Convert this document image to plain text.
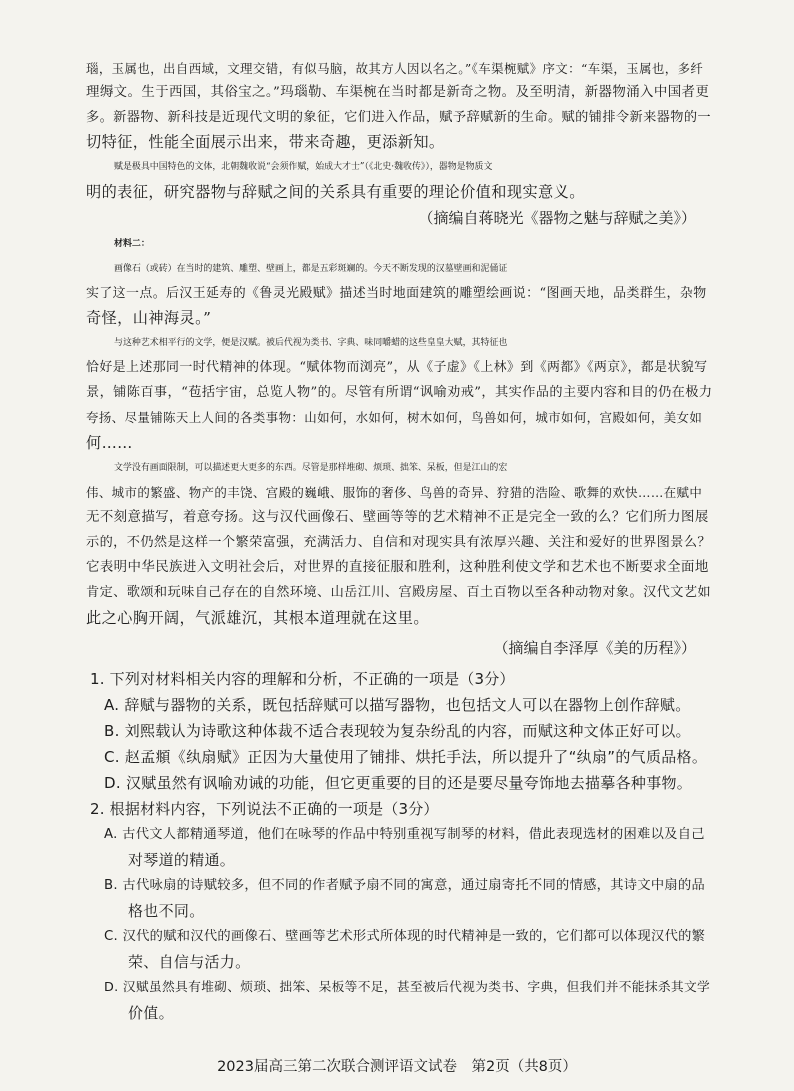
瑙，玉属也，出自西域，文理交错，有似马脑，故其方人因以名之。”《车渠椀赋》序文：“车渠，玉属也，多纤
理缛文。生于西国，其俗宝之。”玛瑙勒、车渠椀在当时都是新奇之物。及至明清，新器物涌入中国者更
多。新器物、新科技是近现代文明的象征，它们进入作品，赋予辞赋新的生命。赋的铺排令新来器物的一
切特征，性能全面展示出来，带来奇趣，更添新知。
赋是极具中国特色的文体，北朝魏收说“会须作赋，始成大才士”（《北史·魏收传》），器物是物质文
明的表征，研究器物与辞赋之间的关系具有重要的理论价值和现实意义。
（摘编自蒋晓光《器物之魅与辞赋之美》）
材料二：
画像石（或砖）在当时的建筑、雕塑、壁画上，都是五彩斑斓的。今天不断发现的汉墓壁画和泥俑证
实了这一点。后汉王延寿的《鲁灵光殿赋》描述当时地面建筑的雕塑绘画说：“图画天地，品类群生，杂物
奇怪，山神海灵。”
与这种艺术相平行的文学，便是汉赋。被后代视为类书、字典、味同嚼蜡的这些皇皇大赋，其特征也
恰好是上述那同一时代精神的体现。“赋体物而浏亮”，从《子虚》《上林》到《两都》《两京》，都是状貌写
景，铺陈百事，“苞括宇宙，总览人物”的。尽管有所谓“讽喻劝戒”，其实作品的主要内容和目的仍在极力
夸扬、尽量铺陈天上人间的各类事物：山如何，水如何，树木如何，鸟兽如何，城市如何，宫殿如何，美女如
何……
文学没有画面限制，可以描述更大更多的东西。尽管是那样堆砌、烦琐、拙笨、呆板，但是江山的宏
伟、城市的繁盛、物产的丰饶、宫殿的巍峨、服饰的奢侈、鸟兽的奇异、狩猎的浩险、歌舞的欢快……在赋中
无不刻意描写，着意夸扬。这与汉代画像石、壁画等等的艺术精神不正是完全一致的么？它们所力图展
示的，不仍然是这样一个繁荣富强，充满活力、自信和对现实具有浓厚兴趣、关注和爱好的世界图景么？
它表明中华民族进入文明社会后，对世界的直接征服和胜利，这种胜利使文学和艺术也不断要求全面地
肯定、歌颂和玩味自己存在的自然环境、山岳江川、宫殿房屋、百土百物以至各种动物对象。汉代文艺如
此之心胸开阔，气派雄沉，其根本道理就在这里。
（摘编自李泽厚《美的历程》）
1. 下列对材料相关内容的理解和分析，不正确的一项是（3分）
A. 辞赋与器物的关系，既包括辞赋可以描写器物，也包括文人可以在器物上创作辞赋。
B. 刘熙载认为诗歌这种体裁不适合表现较为复杂纷乱的内容，而赋这种文体正好可以。
C. 赵孟頫《纨扇赋》正因为大量使用了铺排、烘托手法，所以提升了“纨扇”的气质品格。
D. 汉赋虽然有讽喻劝诫的功能，但它更重要的目的还是要尽量夸饰地去描摹各种事物。
2. 根据材料内容，下列说法不正确的一项是（3分）
A. 古代文人都精通琴道，他们在咏琴的作品中特别重视写制琴的材料，借此表现选材的困难以及自己
对琴道的精通。
B. 古代咏扇的诗赋较多，但不同的作者赋予扇不同的寓意，通过扇寄托不同的情感，其诗文中扇的品
格也不同。
C. 汉代的赋和汉代的画像石、壁画等艺术形式所体现的时代精神是一致的，它们都可以体现汉代的繁
荣、自信与活力。
D. 汉赋虽然具有堆砌、烦琐、拙笨、呆板等不足，甚至被后代视为类书、字典，但我们并不能抹杀其文学
价值。
2023届高三第二次联合测评语文试卷　第2页（共8页）
